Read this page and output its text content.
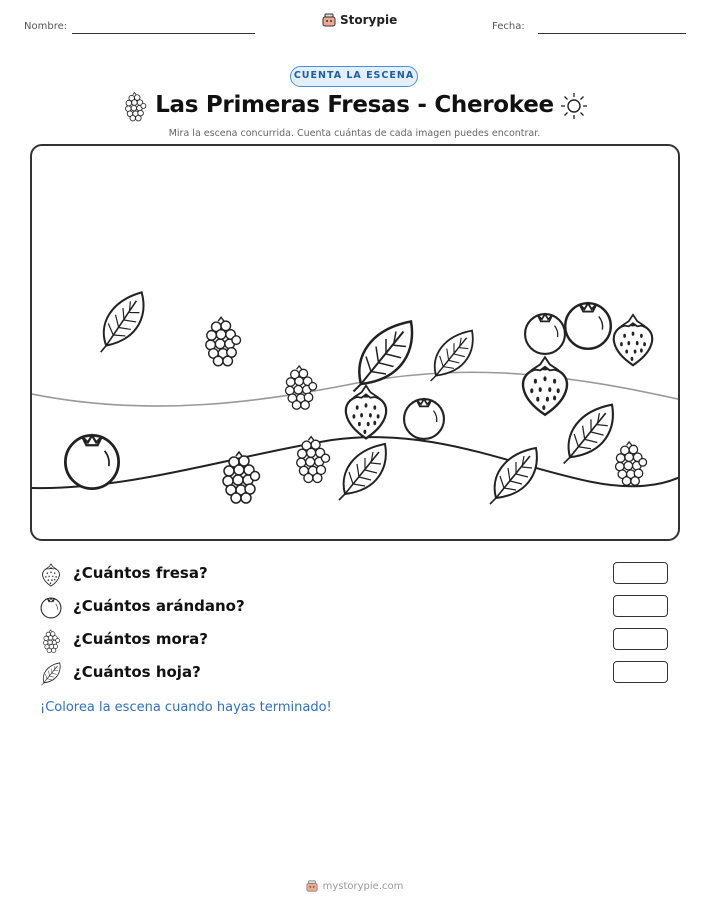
Nombre:	Storypie	Fecha:
CUENTA LA ESCENA
Las Primeras Fresas - Cherokee
Mira la escena concurrida. Cuenta cuántas de cada imagen puedes encontrar.
¿Cuántos fresa?
¿Cuántos arándano?
¿Cuántos mora?
¿Cuántos hoja?
¡Colorea la escena cuando hayas terminado!
mystorypie.com
